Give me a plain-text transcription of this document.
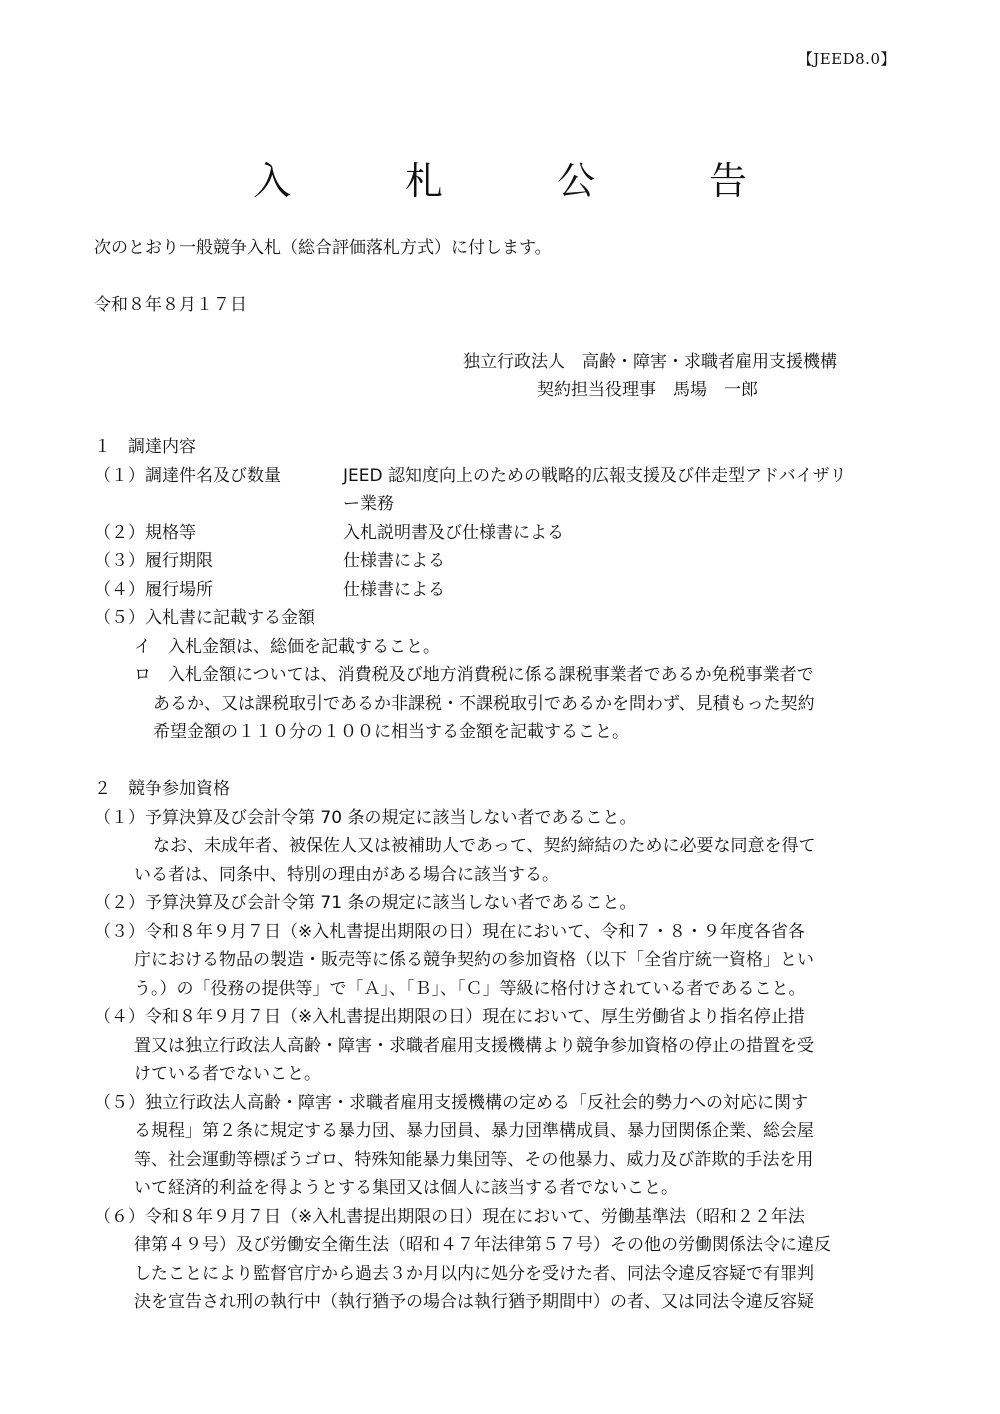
【JEED8.0】
入　札　公　告
次のとおり一般競争入札（総合評価落札方式）に付します。
令和８年８月１７日
独立行政法人　高齢・障害・求職者雇用支援機構
契約担当役理事　馬場　一郎
１　調達内容
（１）調達件名及び数量	JEED 認知度向上のための戦略的広報支援及び伴走型アドバイザリ
ー業務
（２）規格等	入札説明書及び仕様書による
（３）履行期限	仕様書による
（４）履行場所	仕様書による
（５）入札書に記載する金額
イ　入札金額は、総価を記載すること。
ロ　入札金額については、消費税及び地方消費税に係る課税事業者であるか免税事業者で
あるか、又は課税取引であるか非課税・不課税取引であるかを問わず、見積もった契約
希望金額の１１０分の１００に相当する金額を記載すること。
２　競争参加資格
（１）予算決算及び会計令第 70 条の規定に該当しない者であること。
なお、未成年者、被保佐人又は被補助人であって、契約締結のために必要な同意を得て
いる者は、同条中、特別の理由がある場合に該当する。
（２）予算決算及び会計令第 71 条の規定に該当しない者であること。
（３）令和８年９月７日（※入札書提出期限の日）現在において、令和７・８・９年度各省各
庁における物品の製造・販売等に係る競争契約の参加資格（以下「全省庁統一資格」とい
う。）の「役務の提供等」で「Ａ」、「Ｂ」、「Ｃ」等級に格付けされている者であること。
（４）令和８年９月７日（※入札書提出期限の日）現在において、厚生労働省より指名停止措
置又は独立行政法人高齢・障害・求職者雇用支援機構より競争参加資格の停止の措置を受
けている者でないこと。
（５）独立行政法人高齢・障害・求職者雇用支援機構の定める「反社会的勢力への対応に関す
る規程」第２条に規定する暴力団、暴力団員、暴力団準構成員、暴力団関係企業、総会屋
等、社会運動等標ぼうゴロ、特殊知能暴力集団等、その他暴力、威力及び詐欺的手法を用
いて経済的利益を得ようとする集団又は個人に該当する者でないこと。
（６）令和８年９月７日（※入札書提出期限の日）現在において、労働基準法（昭和２２年法
律第４９号）及び労働安全衛生法（昭和４７年法律第５７号）その他の労働関係法令に違反
したことにより監督官庁から過去３か月以内に処分を受けた者、同法令違反容疑で有罪判
決を宣告され刑の執行中（執行猶予の場合は執行猶予期間中）の者、又は同法令違反容疑
